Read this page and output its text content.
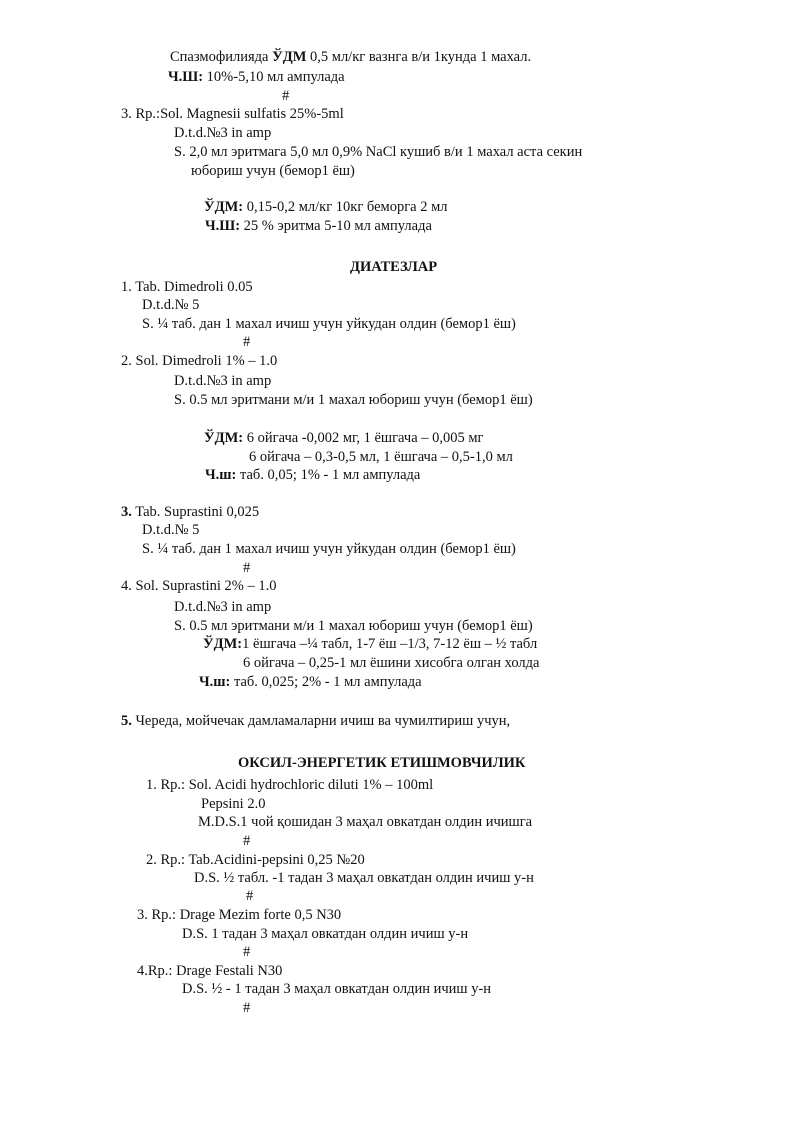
Спазмофилияда ЎДМ 0,5 мл/кг вазнга в/и 1кунда 1 махал.
Ч.Ш: 10%-5,10 мл ампулада
#
3. Rp.:Sol. Magnesii sulfatis 25%-5ml
D.t.d.№3 in amp
S. 2,0 мл эритмага 5,0 мл 0,9% NaCl кушиб в/и 1 махал аста секин
юбориш учун (бемор1 ёш)
ЎДМ: 0,15-0,2 мл/кг 10кг беморга 2 мл
Ч.Ш: 25 % эритма 5-10 мл ампулада
ДИАТЕЗЛАР
1. Tab. Dimedroli 0.05
D.t.d.№ 5
S. ¼ таб. дан 1 махал ичиш учун уйкудан олдин (бемор1 ёш)
#
2. Sol. Dimedroli 1% – 1.0
D.t.d.№3 in amp
S. 0.5 мл эритмани м/и 1 махал юбориш учун (бемор1 ёш)
ЎДМ: 6 ойгача -0,002 мг, 1 ёшгача – 0,005 мг
6 ойгача – 0,3-0,5 мл, 1 ёшгача – 0,5-1,0 мл
Ч.ш: таб. 0,05; 1% - 1 мл ампулада
3. Tab. Suprastini 0,025
D.t.d.№ 5
S. ¼ таб. дан 1 махал ичиш учун уйкудан олдин (бемор1 ёш)
#
4. Sol. Suprastini 2% – 1.0
D.t.d.№3 in amp
S. 0.5 мл эритмани м/и 1 махал юбориш учун (бемор1 ёш)
ЎДМ:1 ёшгача –¼ табл, 1-7 ёш –1/3, 7-12 ёш – ½ табл
6 ойгача – 0,25-1 мл ёшини хисобга олган холда
Ч.ш: таб. 0,025; 2% - 1 мл ампулада
5. Череда, мойчечак дамламаларни ичиш ва чумилтириш учун,
ОКСИЛ-ЭНЕРГЕТИК ЕТИШМОВЧИЛИК
1. Rp.: Sol. Acidi hydrochloric diluti 1% – 100ml
Pepsini 2.0
M.D.S.1 чой қошидан 3 маҳал овкатдан олдин ичишга
#
2. Rp.: Tab.Acidini-pepsini 0,25 №20
D.S. ½ табл. -1 тадан 3 маҳал овкатдан олдин ичиш у-н
#
3. Rp.: Drage Mezim forte 0,5 N30
D.S. 1 тадан 3 маҳал овкатдан олдин ичиш у-н
#
4.Rp.: Drage Festali N30
D.S. ½ - 1 тадан 3 маҳал овкатдан олдин ичиш у-н
#
